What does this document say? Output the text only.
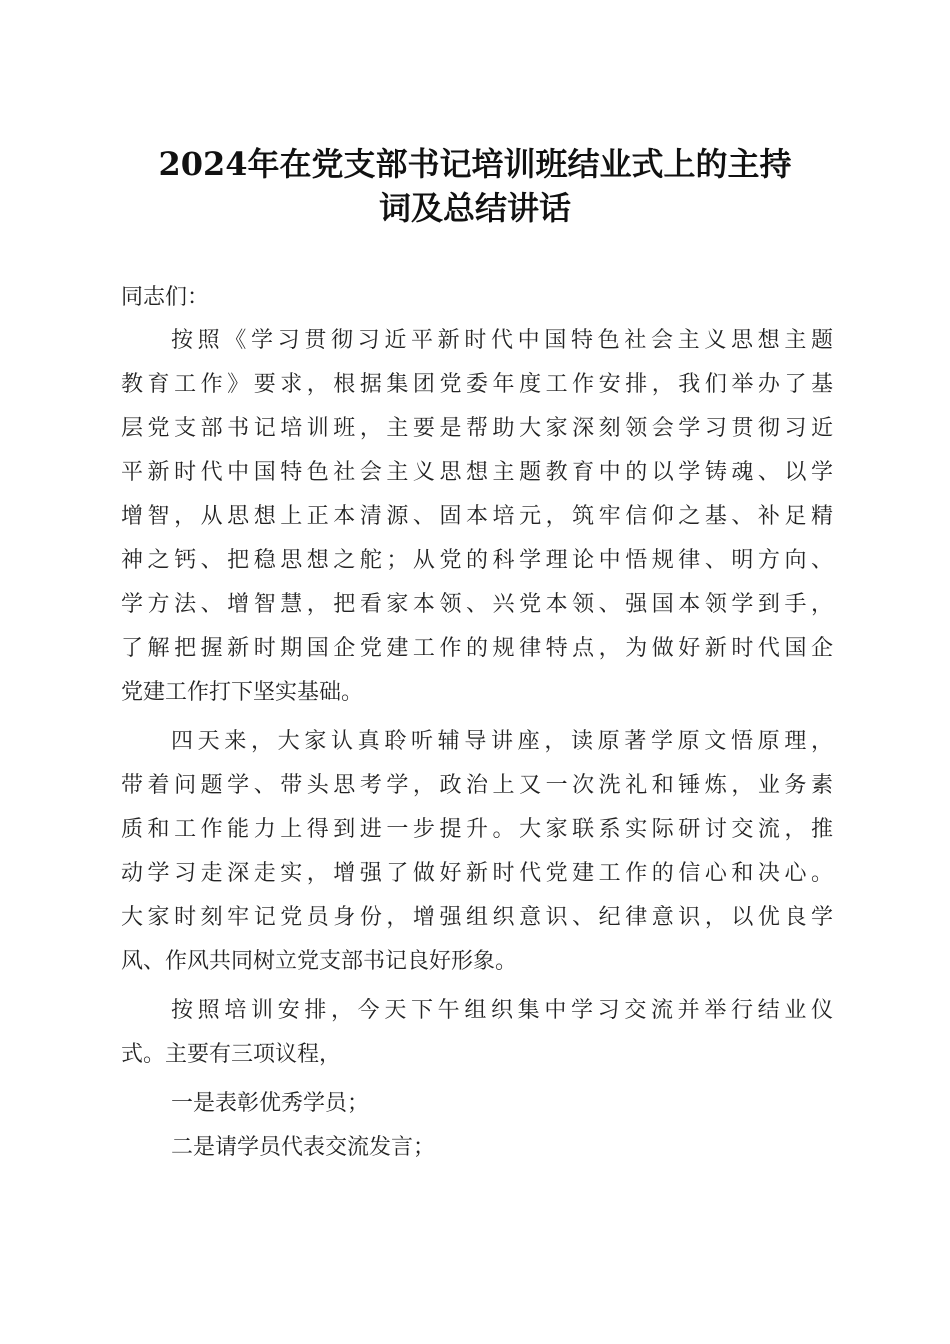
2024年在党支部书记培训班结业式上的主持
词及总结讲话

同志们：

按照《学习贯彻习近平新时代中国特色社会主义思想主题

教育工作》要求，根据集团党委年度工作安排，我们举办了基

层党支部书记培训班，主要是帮助大家深刻领会学习贯彻习近

平新时代中国特色社会主义思想主题教育中的以学铸魂、以学

增智，从思想上正本清源、固本培元，筑牢信仰之基、补足精

神之钙、把稳思想之舵；从党的科学理论中悟规律、明方向、

学方法、增智慧，把看家本领、兴党本领、强国本领学到手，

了解把握新时期国企党建工作的规律特点，为做好新时代国企

党建工作打下坚实基础。

四天来，大家认真聆听辅导讲座，读原著学原文悟原理，

带着问题学、带头思考学，政治上又一次洗礼和锤炼，业务素

质和工作能力上得到进一步提升。大家联系实际研讨交流，推

动学习走深走实，增强了做好新时代党建工作的信心和决心。

大家时刻牢记党员身份，增强组织意识、纪律意识，以优良学

风、作风共同树立党支部书记良好形象。

按照培训安排，今天下午组织集中学习交流并举行结业仪

式。主要有三项议程，

一是表彰优秀学员；

二是请学员代表交流发言；
